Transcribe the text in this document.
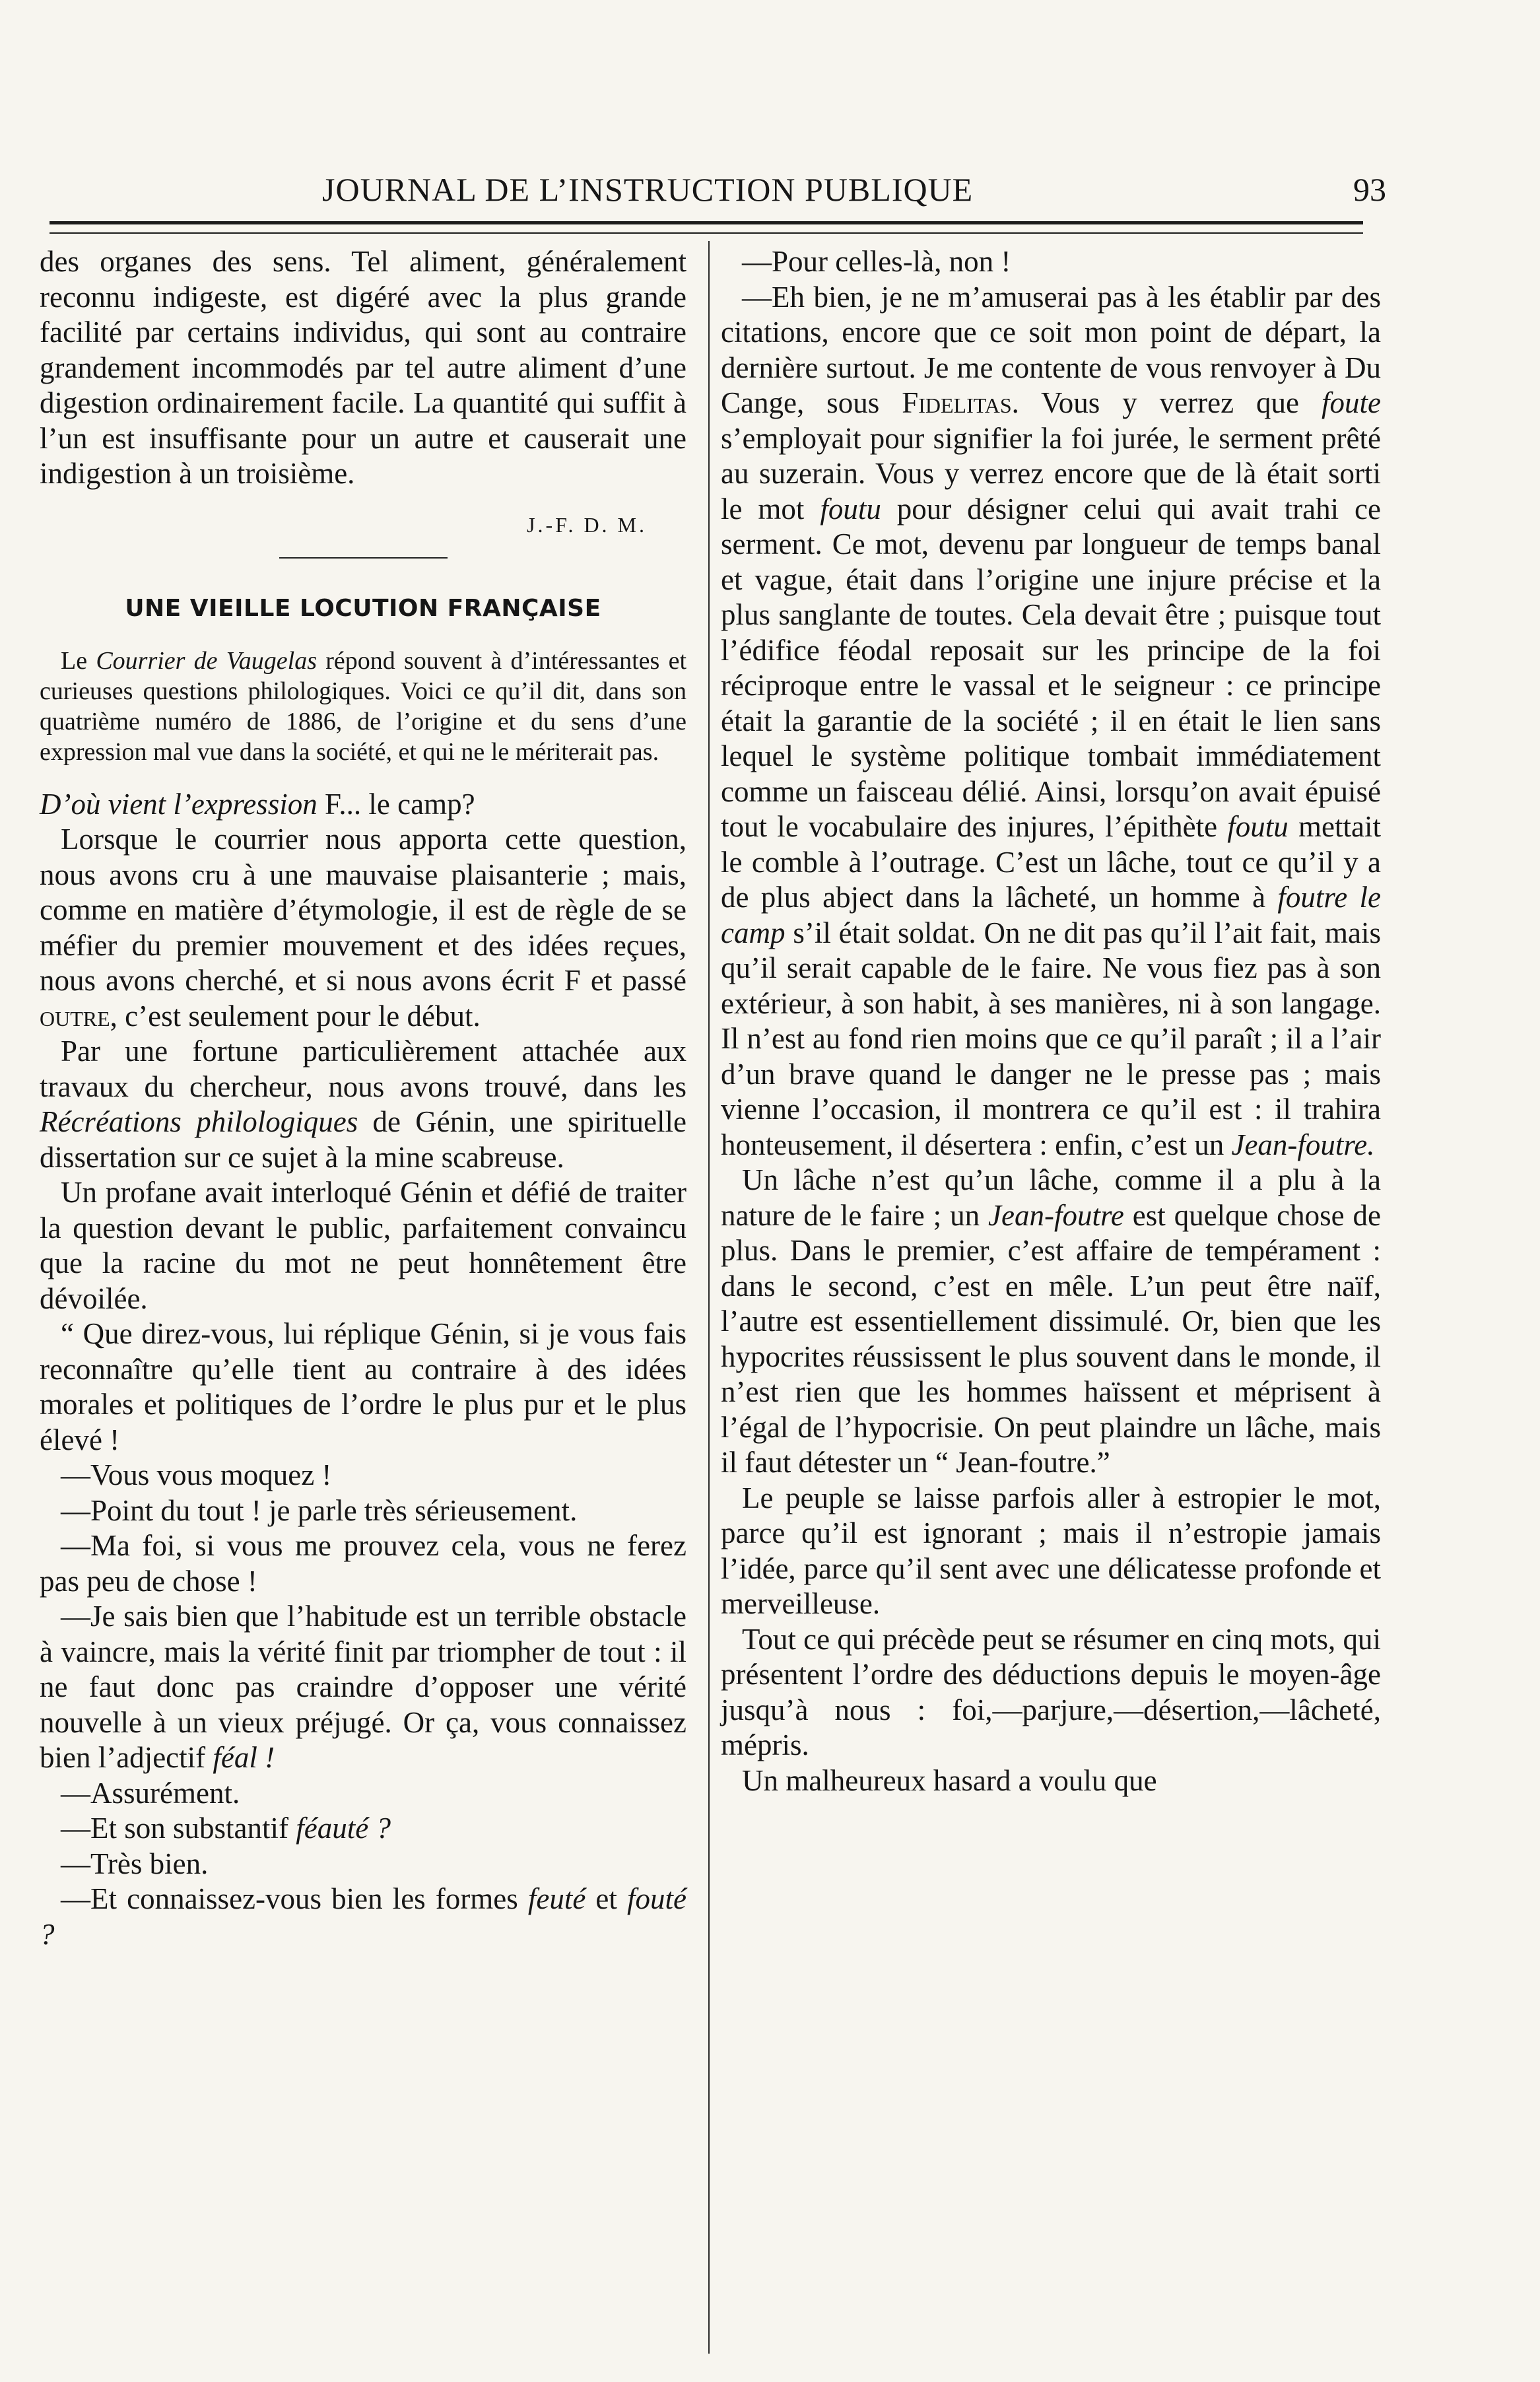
JOURNAL DE L’INSTRUCTION PUBLIQUE	93

des organes des sens. Tel aliment, généralement reconnu indigeste, est digéré avec la plus grande facilité par certains individus, qui sont au contraire grandement incommodés par tel autre aliment d’une digestion ordinairement facile. La quantité qui suffit à l’un est insuffisante pour un autre et causerait une indigestion à un troisième.

J.-F. D. M.
UNE VIEILLE LOCUTION FRANÇAISE

Le Courrier de Vaugelas répond souvent à d’intéressantes et curieuses questions philologiques. Voici ce qu’il dit, dans son quatrième numéro de 1886, de l’origine et du sens d’une expression mal vue dans la société, et qui ne le mériterait pas.

D’où vient l’expression F... le camp?

Lorsque le courrier nous apporta cette question, nous avons cru à une mauvaise plaisanterie ; mais, comme en matière d’étymologie, il est de règle de se méfier du premier mouvement et des idées reçues, nous avons cherché, et si nous avons écrit F et passé outre, c’est seulement pour le début.

Par une fortune particulièrement attachée aux travaux du chercheur, nous avons trouvé, dans les Récréations philologiques de Génin, une spirituelle dissertation sur ce sujet à la mine scabreuse.

Un profane avait interloqué Génin et défié de traiter la question devant le public, parfaitement convaincu que la racine du mot ne peut honnêtement être dévoilée.

“ Que direz-vous, lui réplique Génin, si je vous fais reconnaître qu’elle tient au contraire à des idées morales et politiques de l’ordre le plus pur et le plus élevé !

—Vous vous moquez !

—Point du tout ! je parle très sérieusement.

—Ma foi, si vous me prouvez cela, vous ne ferez pas peu de chose !

—Je sais bien que l’habitude est un terrible obstacle à vaincre, mais la vérité finit par triompher de tout : il ne faut donc pas craindre d’opposer une vérité nouvelle à un vieux préjugé. Or ça, vous connaissez bien l’adjectif féal !

—Assurément.

—Et son substantif féauté ?

—Très bien.

—Et connaissez-vous bien les formes feuté et fouté ?

—Pour celles-là, non !

—Eh bien, je ne m’amuserai pas à les établir par des citations, encore que ce soit mon point de départ, la dernière surtout. Je me contente de vous renvoyer à Du Cange, sous Fidelitas. Vous y verrez que foute s’employait pour signifier la foi jurée, le serment prêté au suzerain. Vous y verrez encore que de là était sorti le mot foutu pour désigner celui qui avait trahi ce serment. Ce mot, devenu par longueur de temps banal et vague, était dans l’origine une injure précise et la plus sanglante de toutes. Cela devait être ; puisque tout l’édifice féodal reposait sur les principe de la foi réciproque entre le vassal et le seigneur : ce principe était la garantie de la société ; il en était le lien sans lequel le système politique tombait immédiatement comme un faisceau délié. Ainsi, lorsqu’on avait épuisé tout le vocabulaire des injures, l’épithète foutu mettait le comble à l’outrage. C’est un lâche, tout ce qu’il y a de plus abject dans la lâcheté, un homme à foutre le camp s’il était soldat. On ne dit pas qu’il l’ait fait, mais qu’il serait capable de le faire. Ne vous fiez pas à son extérieur, à son habit, à ses manières, ni à son langage. Il n’est au fond rien moins que ce qu’il paraît ; il a l’air d’un brave quand le danger ne le presse pas ; mais vienne l’occasion, il montrera ce qu’il est : il trahira honteusement, il désertera : enfin, c’est un Jean-foutre.

Un lâche n’est qu’un lâche, comme il a plu à la nature de le faire ; un Jean-foutre est quelque chose de plus. Dans le premier, c’est affaire de tempérament : dans le second, c’est en mêle. L’un peut être naïf, l’autre est essentiellement dissimulé. Or, bien que les hypocrites réussissent le plus souvent dans le monde, il n’est rien que les hommes haïssent et méprisent à l’égal de l’hypocrisie. On peut plaindre un lâche, mais il faut détester un “ Jean-foutre.”

Le peuple se laisse parfois aller à estropier le mot, parce qu’il est ignorant ; mais il n’estropie jamais l’idée, parce qu’il sent avec une délicatesse profonde et merveilleuse.

Tout ce qui précède peut se résumer en cinq mots, qui présentent l’ordre des déductions depuis le moyen-âge jusqu’à nous : foi,—parjure,—désertion,—lâcheté, mépris.

Un malheureux hasard a voulu que
